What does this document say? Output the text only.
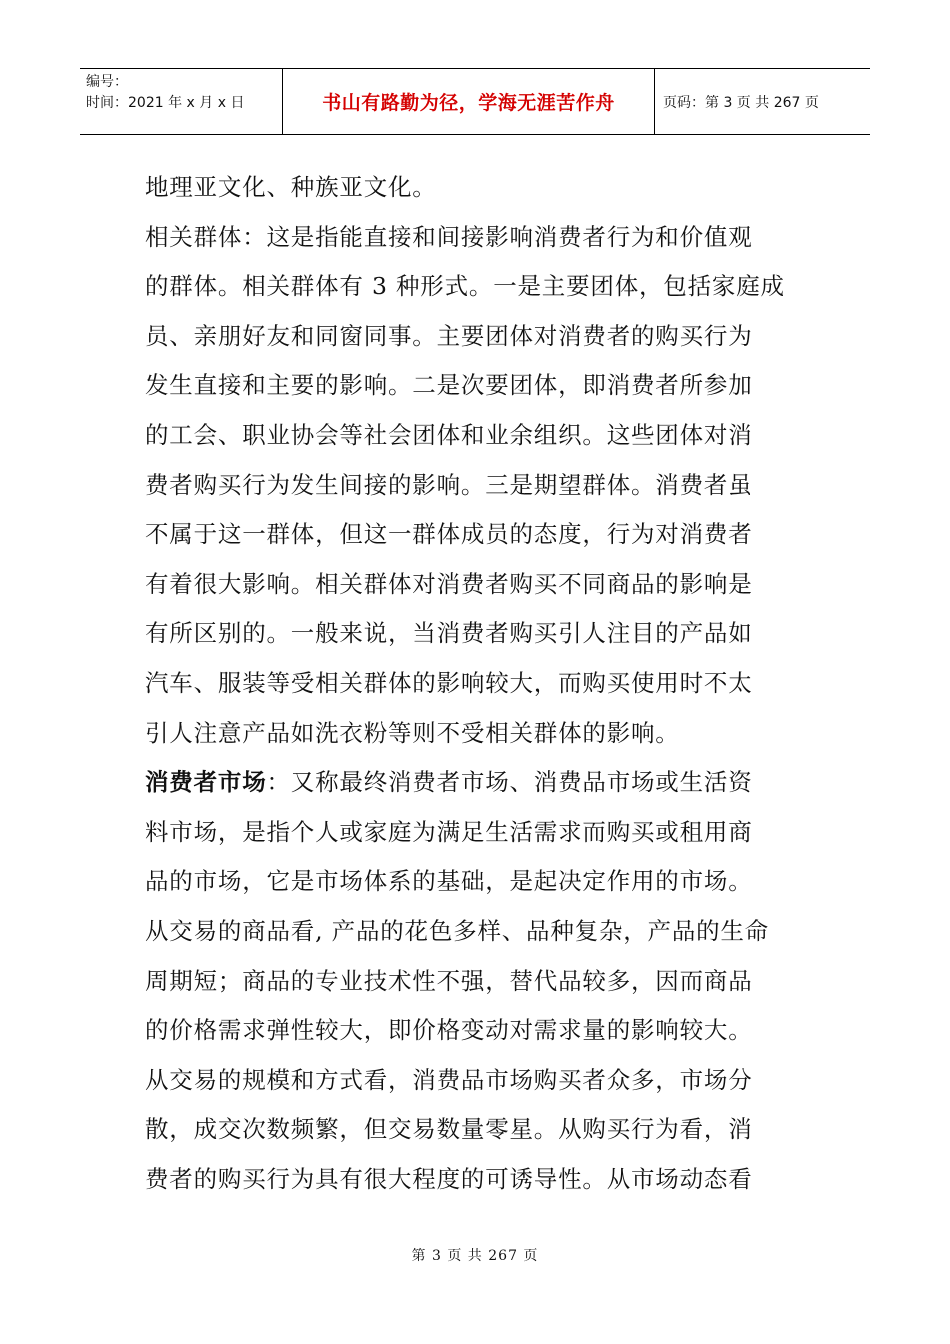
编号：
时间：2021 年 x 月 x 日	书山有路勤为径，学海无涯苦作舟	页码：第 3 页 共 267 页
地理亚文化、种族亚文化。
相关群体：这是指能直接和间接影响消费者行为和价值观
的群体。相关群体有 3 种形式。一是主要团体，包括家庭成
员、亲朋好友和同窗同事。主要团体对消费者的购买行为
发生直接和主要的影响。二是次要团体，即消费者所参加
的工会、职业协会等社会团体和业余组织。这些团体对消
费者购买行为发生间接的影响。三是期望群体。消费者虽
不属于这一群体，但这一群体成员的态度，行为对消费者
有着很大影响。相关群体对消费者购买不同商品的影响是
有所区别的。一般来说，当消费者购买引人注目的产品如
汽车、服装等受相关群体的影响较大，而购买使用时不太
引人注意产品如洗衣粉等则不受相关群体的影响。
消费者市场：又称最终消费者市场、消费品市场或生活资
料市场，是指个人或家庭为满足生活需求而购买或租用商
品的市场，它是市场体系的基础，是起决定作用的市场。
从交易的商品看, 产品的花色多样、品种复杂，产品的生命
周期短；商品的专业技术性不强，替代品较多，因而商品
的价格需求弹性较大，即价格变动对需求量的影响较大。
从交易的规模和方式看，消费品市场购买者众多，市场分
散，成交次数频繁，但交易数量零星。从购买行为看，消
费者的购买行为具有很大程度的可诱导性。从市场动态看
第 3 页 共 267 页
